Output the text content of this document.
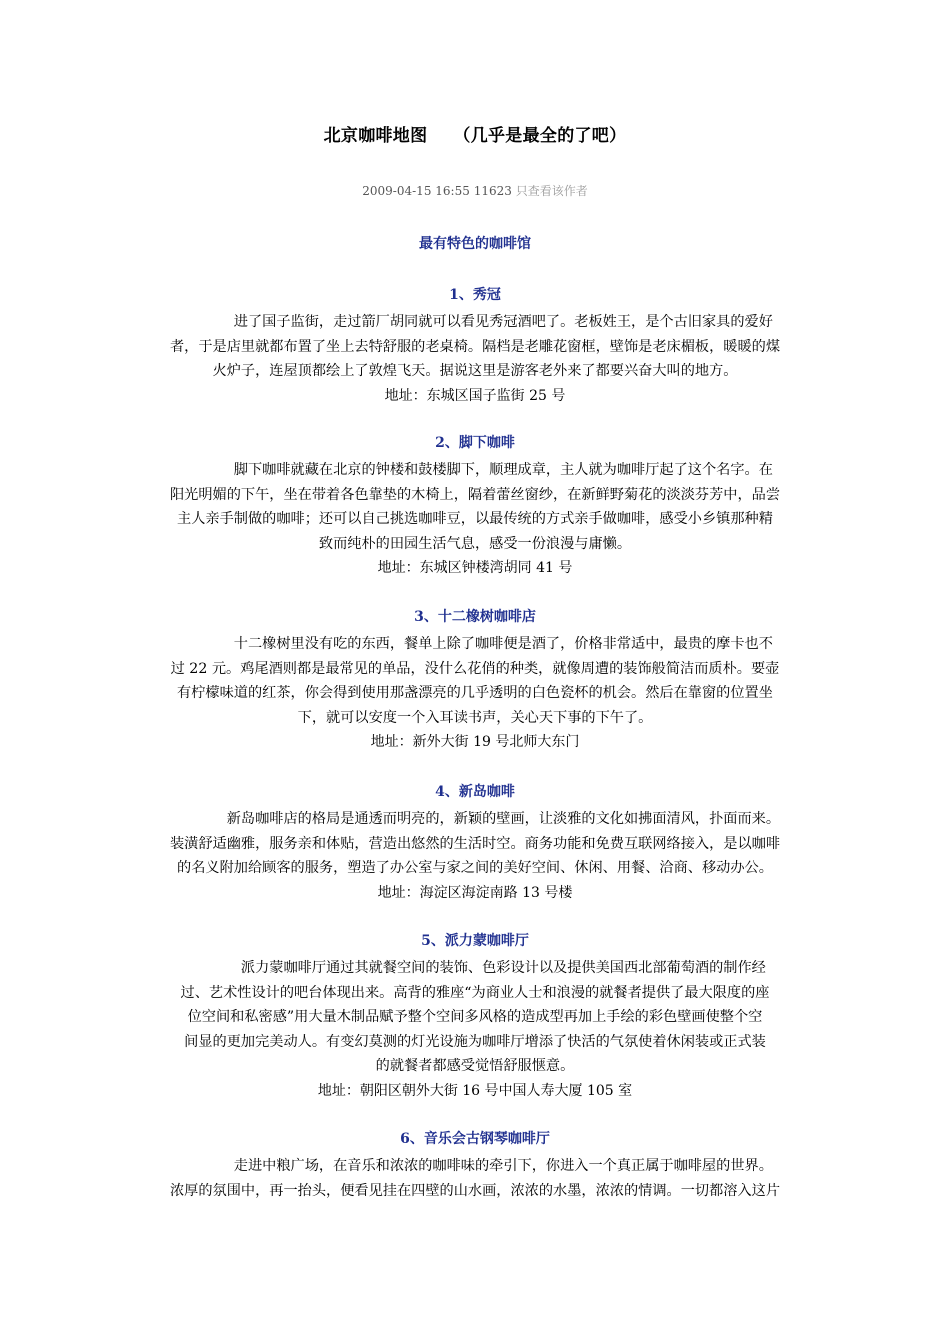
北京咖啡地图 （几乎是最全的了吧）
2009-04-15 16:55 11623 只查看该作者
最有特色的咖啡馆
1、秀冠
　　　　进了国子监街，走过箭厂胡同就可以看见秀冠酒吧了。老板姓王，是个古旧家具的爱好
者，于是店里就都布置了坐上去特舒服的老桌椅。隔档是老雕花窗框，壁饰是老床楣板，暖暖的煤
火炉子，连屋顶都绘上了敦煌飞天。据说这里是游客老外来了都要兴奋大叫的地方。
地址：东城区国子监街 25 号
2、脚下咖啡
　　　　脚下咖啡就藏在北京的钟楼和鼓楼脚下，顺理成章，主人就为咖啡厅起了这个名字。在
阳光明媚的下午，坐在带着各色靠垫的木椅上，隔着蕾丝窗纱，在新鲜野菊花的淡淡芬芳中，品尝
主人亲手制做的咖啡；还可以自己挑选咖啡豆，以最传统的方式亲手做咖啡，感受小乡镇那种精
致而纯朴的田园生活气息，感受一份浪漫与庸懒。
地址：东城区钟楼湾胡同 41 号
3、十二橡树咖啡店
　　　　十二橡树里没有吃的东西，餐单上除了咖啡便是酒了，价格非常适中，最贵的摩卡也不
过 22 元。鸡尾酒则都是最常见的单品，没什么花俏的种类，就像周遭的装饰般简洁而质朴。要壶
有柠檬味道的红茶，你会得到使用那盏漂亮的几乎透明的白色瓷杯的机会。然后在靠窗的位置坐
下，就可以安度一个入耳读书声，关心天下事的下午了。
地址：新外大街 19 号北师大东门
4、新岛咖啡
　　　　新岛咖啡店的格局是通透而明亮的，新颖的壁画，让淡雅的文化如拂面清风，扑面而来。
装潢舒适幽雅，服务亲和体贴，营造出悠然的生活时空。商务功能和免费互联网络接入，是以咖啡
的名义附加给顾客的服务，塑造了办公室与家之间的美好空间、休闲、用餐、洽商、移动办公。
地址：海淀区海淀南路 13 号楼
5、派力蒙咖啡厅
　　　　派力蒙咖啡厅通过其就餐空间的装饰、色彩设计以及提供美国西北部葡萄酒的制作经
过、艺术性设计的吧台体现出来。高背的雅座“为商业人士和浪漫的就餐者提供了最大限度的座
位空间和私密感”用大量木制品赋予整个空间多风格的造成型再加上手绘的彩色壁画使整个空
间显的更加完美动人。有变幻莫测的灯光设施为咖啡厅增添了快活的气氛使着休闲装或正式装
的就餐者都感受觉悟舒服惬意。
地址：朝阳区朝外大街 16 号中国人寿大厦 105 室
6、音乐会古钢琴咖啡厅
　　　　走进中粮广场，在音乐和浓浓的咖啡味的牵引下，你进入一个真正属于咖啡屋的世界。
浓厚的氛围中，再一抬头，便看见挂在四壁的山水画，浓浓的水墨，浓浓的情调。一切都溶入这片
